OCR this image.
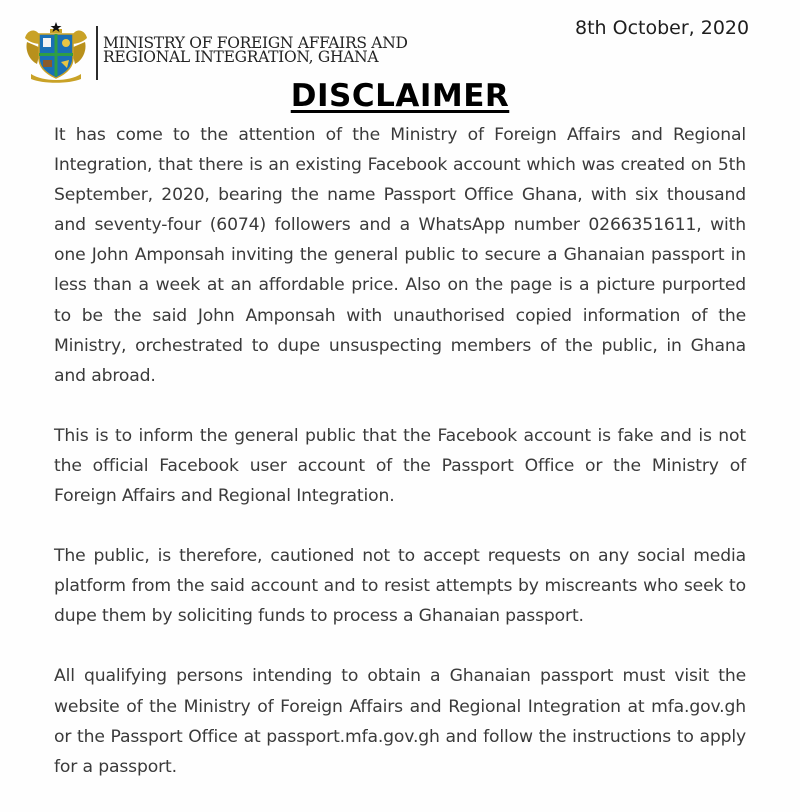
MINISTRY OF FOREIGN AFFAIRS AND
REGIONAL INTEGRATION, GHANA
8th October, 2020
DISCLAIMER

It has come to the attention of the Ministry of Foreign Affairs and Regional Integration, that there is an existing Facebook account which was created on 5th September, 2020, bearing the name Passport Office Ghana, with six thousand and seventy-four (6074) followers and a WhatsApp number 0266351611, with one John Amponsah inviting the general public to secure a Ghanaian passport in less than a week at an affordable price. Also on the page is a picture purported to be the said John Amponsah with unauthorised copied information of the Ministry, orchestrated to dupe unsuspecting members of the public, in Ghana and abroad.

This is to inform the general public that the Facebook account is fake and is not the official Facebook user account of the Passport Office or the Ministry of Foreign Affairs and Regional Integration.

The public, is therefore, cautioned not to accept requests on any social media platform from the said account and to resist attempts by miscreants who seek to dupe them by soliciting funds to process a Ghanaian passport.

All qualifying persons intending to obtain a Ghanaian passport must visit the website of the Ministry of Foreign Affairs and Regional Integration at mfa.gov.gh or the Passport Office at passport.mfa.gov.gh and follow the instructions to apply for a passport.
